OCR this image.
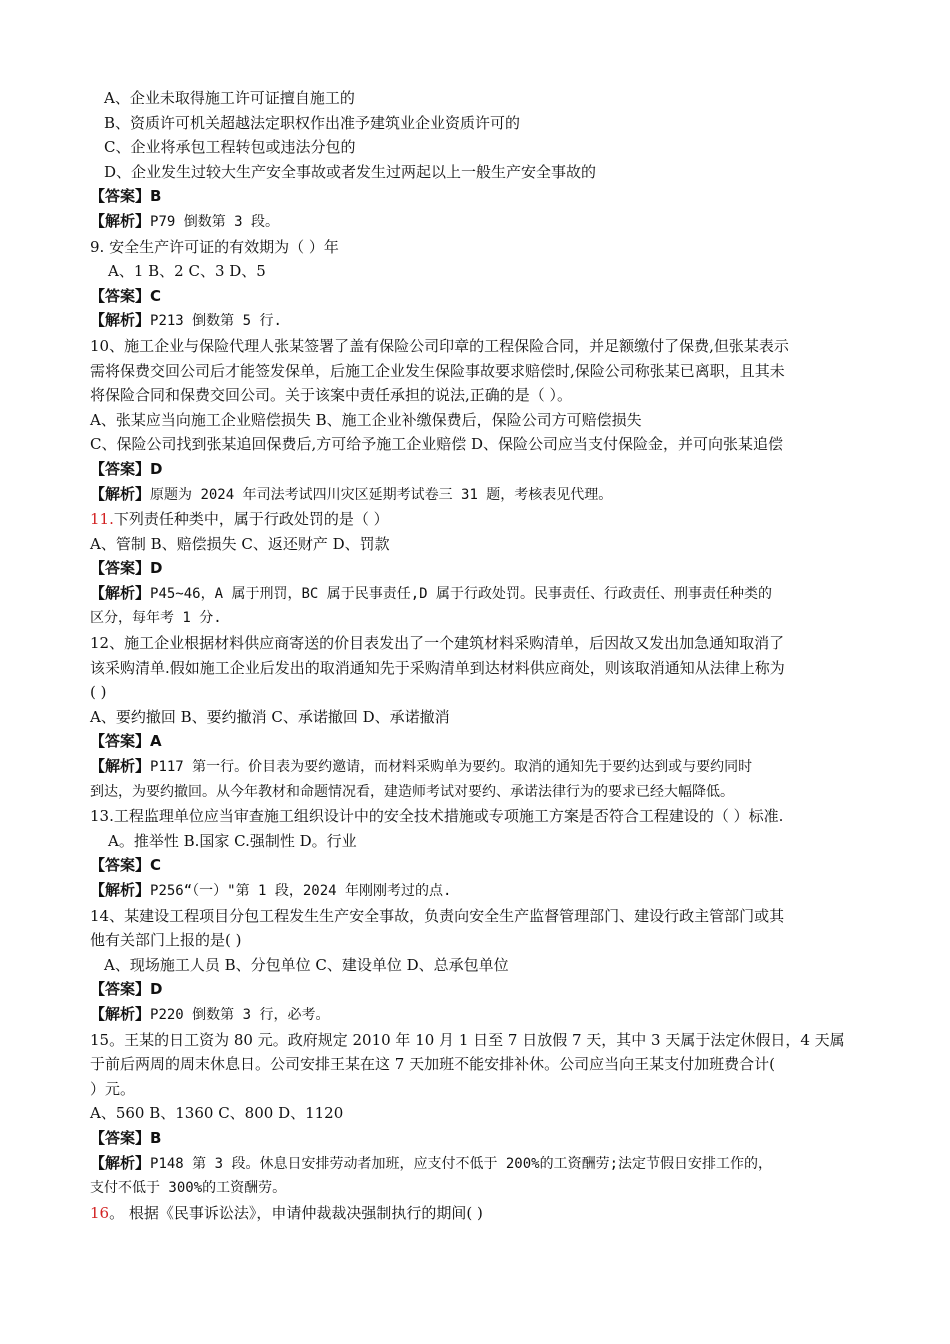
A、企业未取得施工许可证擅自施工的
B、资质许可机关超越法定职权作出准予建筑业企业资质许可的
C、企业将承包工程转包或违法分包的
D、企业发生过较大生产安全事故或者发生过两起以上一般生产安全事故的
【答案】B
【解析】P79 倒数第 3 段。
9. 安全生产许可证的有效期为（ ）年
A、1 B、2 C、3 D、5
【答案】C
【解析】P213 倒数第 5 行.
10、施工企业与保险代理人张某签署了盖有保险公司印章的工程保险合同，并足额缴付了保费,但张某表示
需将保费交回公司后才能签发保单，后施工企业发生保险事故要求赔偿时,保险公司称张某已离职，且其未
将保险合同和保费交回公司。关于该案中责任承担的说法,正确的是（ ）。
A、张某应当向施工企业赔偿损失 B、施工企业补缴保费后，保险公司方可赔偿损失
C、保险公司找到张某追回保费后,方可给予施工企业赔偿 D、保险公司应当支付保险金，并可向张某追偿
【答案】D
【解析】原题为 2024 年司法考试四川灾区延期考试卷三 31 题，考核表见代理。
11.下列责任种类中，属于行政处罚的是（ ）
A、管制 B、赔偿损失 C、返还财产 D、罚款
【答案】D
【解析】P45~46，A 属于刑罚，BC 属于民事责任,D 属于行政处罚。民事责任、行政责任、刑事责任种类的
区分，每年考 1 分.
12、施工企业根据材料供应商寄送的价目表发出了一个建筑材料采购清单，后因故又发出加急通知取消了
该采购清单.假如施工企业后发出的取消通知先于采购清单到达材料供应商处，则该取消通知从法律上称为
( )
A、要约撤回 B、要约撤消 C、承诺撤回 D、承诺撤消
【答案】A
【解析】P117 第一行。价目表为要约邀请，而材料采购单为要约。取消的通知先于要约达到或与要约同时
到达，为要约撤回。从今年教材和命题情况看，建造师考试对要约、承诺法律行为的要求已经大幅降低。
13.工程监理单位应当审查施工组织设计中的安全技术措施或专项施工方案是否符合工程建设的（ ）标准.
A。推举性 B.国家 C.强制性 D。行业
【答案】C
【解析】P256“（一）"第 1 段，2024 年刚刚考过的点.
14、某建设工程项目分包工程发生生产安全事故，负责向安全生产监督管理部门、建设行政主管部门或其
他有关部门上报的是( )
A、现场施工人员 B、分包单位 C、建设单位 D、总承包单位
【答案】D
【解析】P220 倒数第 3 行，必考。
15。王某的日工资为 80 元。政府规定 2010 年 10 月 1 日至 7 日放假 7 天，其中 3 天属于法定休假日，4 天属
于前后两周的周末休息日。公司安排王某在这 7 天加班不能安排补休。公司应当向王某支付加班费合计(
）元。
A、560 B、1360 C、800 D、1120
【答案】B
【解析】P148 第 3 段。休息日安排劳动者加班，应支付不低于 200%的工资酬劳;法定节假日安排工作的，
支付不低于 300%的工资酬劳。
16。 根据《民事诉讼法》，申请仲裁裁决强制执行的期间( )
